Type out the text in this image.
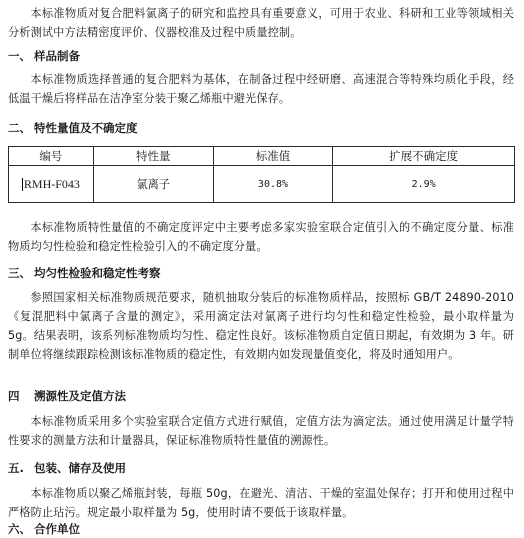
本标准物质对复合肥料氯离子的研究和监控具有重要意义，可用于农业、科研和工业等领域相关分析测试中方法精密度评价、仪器校准及过程中质量控制。

一、 样品制备

本标准物质选择普通的复合肥料为基体，在制备过程中经研磨、高速混合等特殊均质化手段，经低温干燥后将样品在洁净室分装于聚乙烯瓶中避光保存。

二、 特性量值及不确定度

编号	特性量	标准值	扩展不确定度
RMH-F043	氯离子	30.8%	2.9%

本标准物质特性量值的不确定度评定中主要考虑多家实验室联合定值引入的不确定度分量、标准物质均匀性检验和稳定性检验引入的不确定度分量。

三、 均匀性检验和稳定性考察

参照国家相关标准物质规范要求，随机抽取分装后的标准物质样品，按照标 GB/T 24890-2010《复混肥料中氯离子含量的测定》，采用滴定法对氯离子进行均匀性和稳定性检验，最小取样量为 5g。结果表明，该系列标准物质均匀性、稳定性良好。该标准物质自定值日期起，有效期为 3 年。研制单位将继续跟踪检测该标准物质的稳定性，有效期内如发现量值变化，将及时通知用户。

四 溯源性及定值方法

本标准物质采用多个实验室联合定值方式进行赋值，定值方法为滴定法。通过使用满足计量学特性要求的测量方法和计量器具，保证标准物质特性量值的溯源性。

五. 包装、储存及使用

本标准物质以聚乙烯瓶封装，每瓶 50g，在避光、清洁、干燥的室温处保存；打开和使用过程中严格防止玷污。规定最小取样量为 5g，使用时请不要低于该取样量。

六、 合作单位
